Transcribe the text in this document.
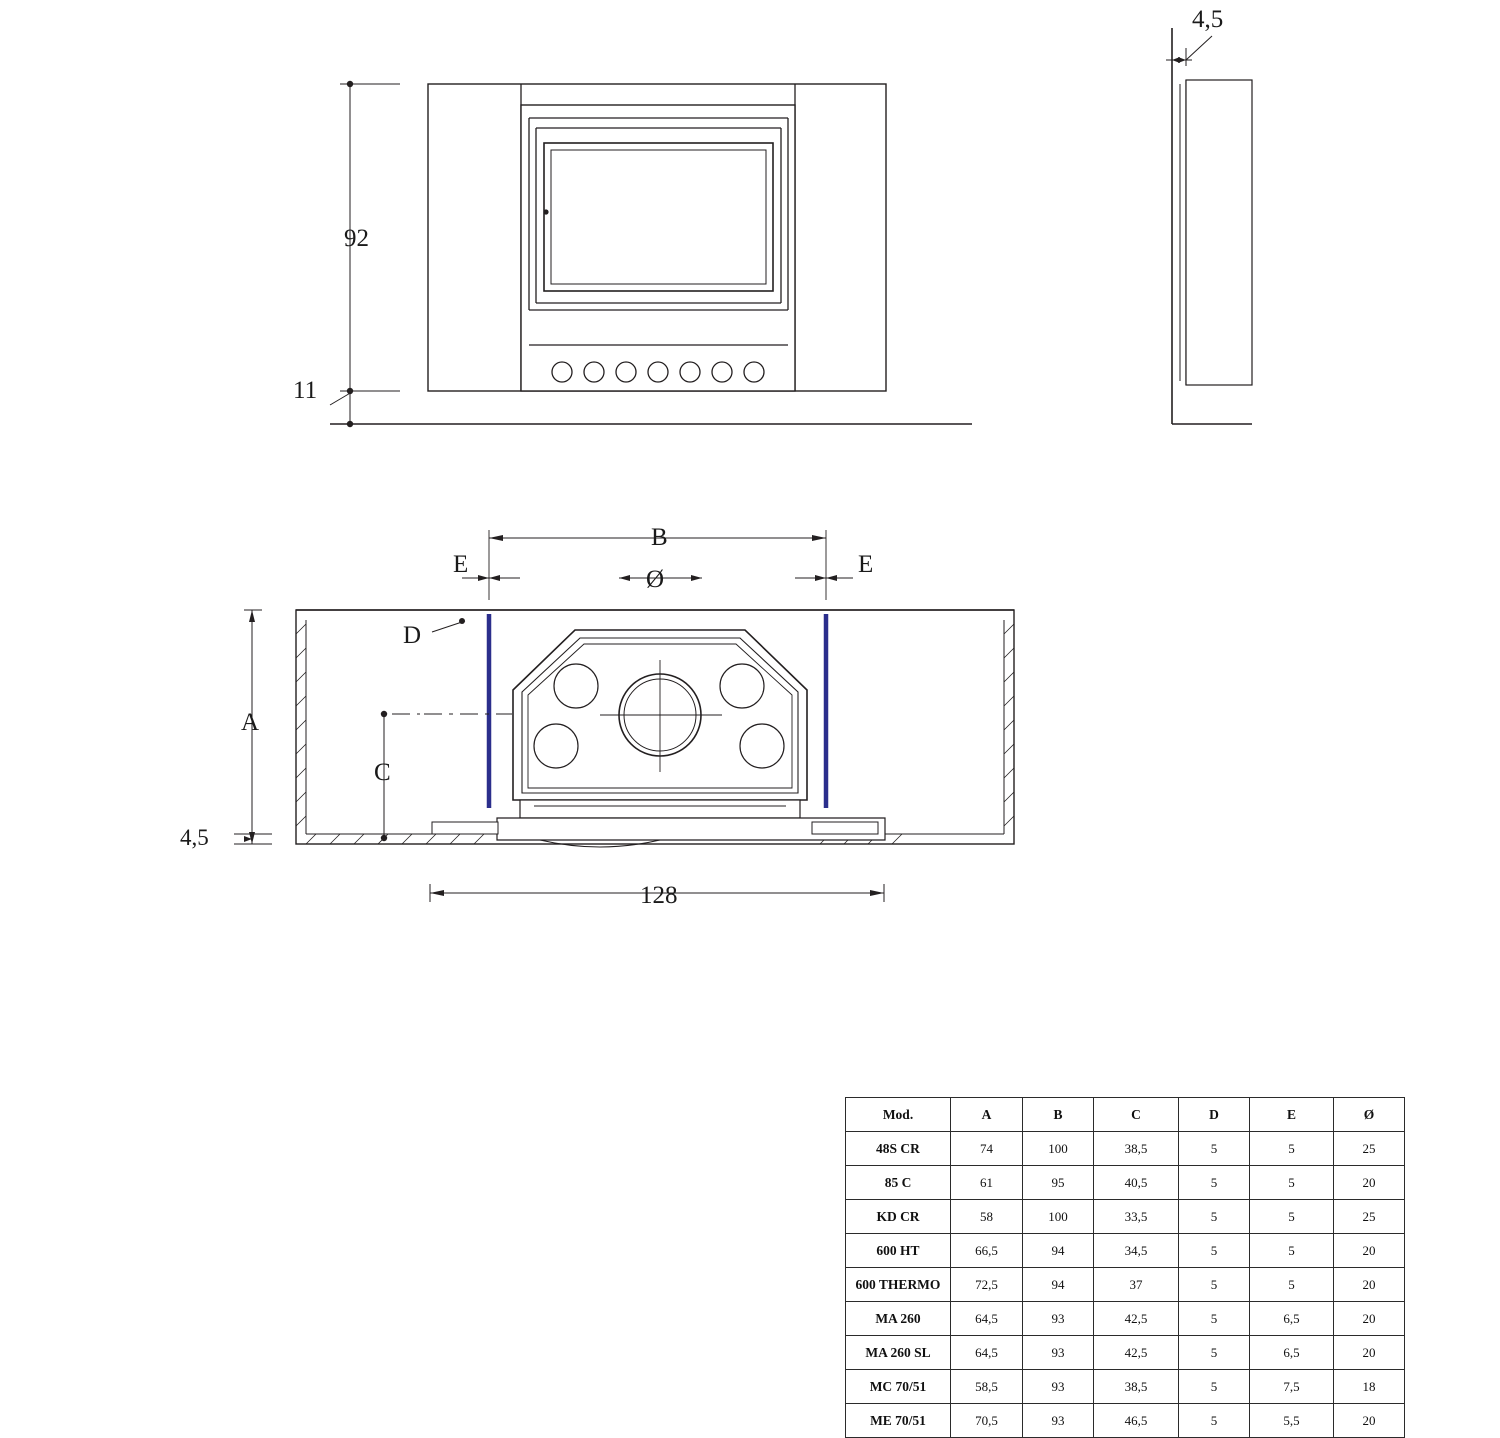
92
11
4,5
B
E	E
Ø
A
C
D
4,5
128
Mod.	A	B	C	D	E	Ø
48S CR	74	100	38,5	5	5	25
85 C	61	95	40,5	5	5	20
KD CR	58	100	33,5	5	5	25
600 HT	66,5	94	34,5	5	5	20
600 THERMO	72,5	94	37	5	5	20
MA 260	64,5	93	42,5	5	6,5	20
MA 260 SL	64,5	93	42,5	5	6,5	20
MC 70/51	58,5	93	38,5	5	7,5	18
ME 70/51	70,5	93	46,5	5	5,5	20
